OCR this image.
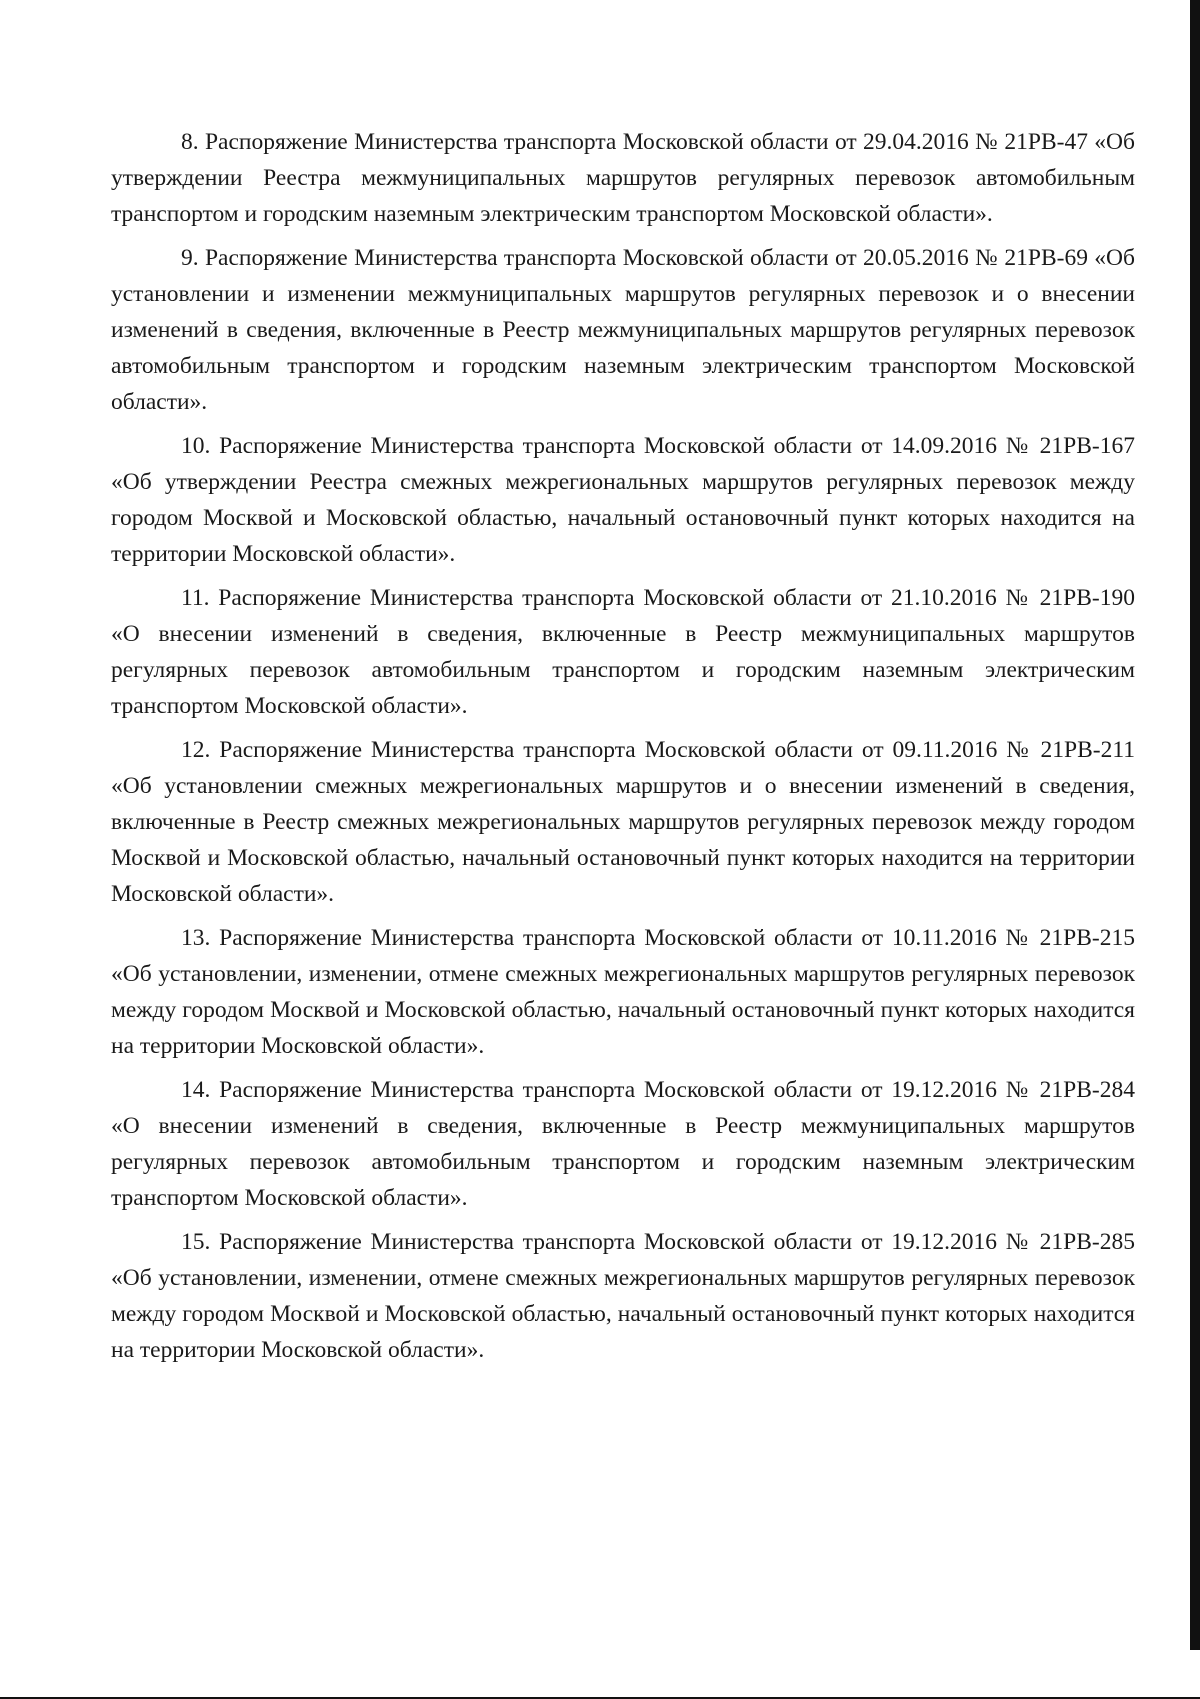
8. Распоряжение Министерства транспорта Московской области от 29.04.2016 № 21РВ-47 «Об утверждении Реестра межмуниципальных маршрутов регулярных перевозок автомобильным транспортом и городским наземным электрическим транспортом Московской области».

9. Распоряжение Министерства транспорта Московской области от 20.05.2016 № 21РВ-69 «Об установлении и изменении межмуниципальных маршрутов регулярных перевозок и о внесении изменений в сведения, включенные в Реестр межмуниципальных маршрутов регулярных перевозок автомобильным транспортом и городским наземным электрическим транспортом Московской области».

10. Распоряжение Министерства транспорта Московской области от 14.09.2016 № 21РВ-167 «Об утверждении Реестра смежных межрегиональных маршрутов регулярных перевозок между городом Москвой и Московской областью, начальный остановочный пункт которых находится на территории Московской области».

11. Распоряжение Министерства транспорта Московской области от 21.10.2016 № 21РВ-190 «О внесении изменений в сведения, включенные в Реестр межмуниципальных маршрутов регулярных перевозок автомобильным транспортом и городским наземным электрическим транспортом Московской области».

12. Распоряжение Министерства транспорта Московской области от 09.11.2016 № 21РВ-211 «Об установлении смежных межрегиональных маршрутов и о внесении изменений в сведения, включенные в Реестр смежных межрегиональных маршрутов регулярных перевозок между городом Москвой и Московской областью, начальный остановочный пункт которых находится на территории Московской области».

13. Распоряжение Министерства транспорта Московской области от 10.11.2016 № 21РВ-215 «Об установлении, изменении, отмене смежных межрегиональных маршрутов регулярных перевозок между городом Москвой и Московской областью, начальный остановочный пункт которых находится на территории Московской области».

14. Распоряжение Министерства транспорта Московской области от 19.12.2016 № 21РВ-284 «О внесении изменений в сведения, включенные в Реестр межмуниципальных маршрутов регулярных перевозок автомобильным транспортом и городским наземным электрическим транспортом Московской области».

15. Распоряжение Министерства транспорта Московской области от 19.12.2016 № 21РВ-285 «Об установлении, изменении, отмене смежных межрегиональных маршрутов регулярных перевозок между городом Москвой и Московской областью, начальный остановочный пункт которых находится на территории Московской области».
